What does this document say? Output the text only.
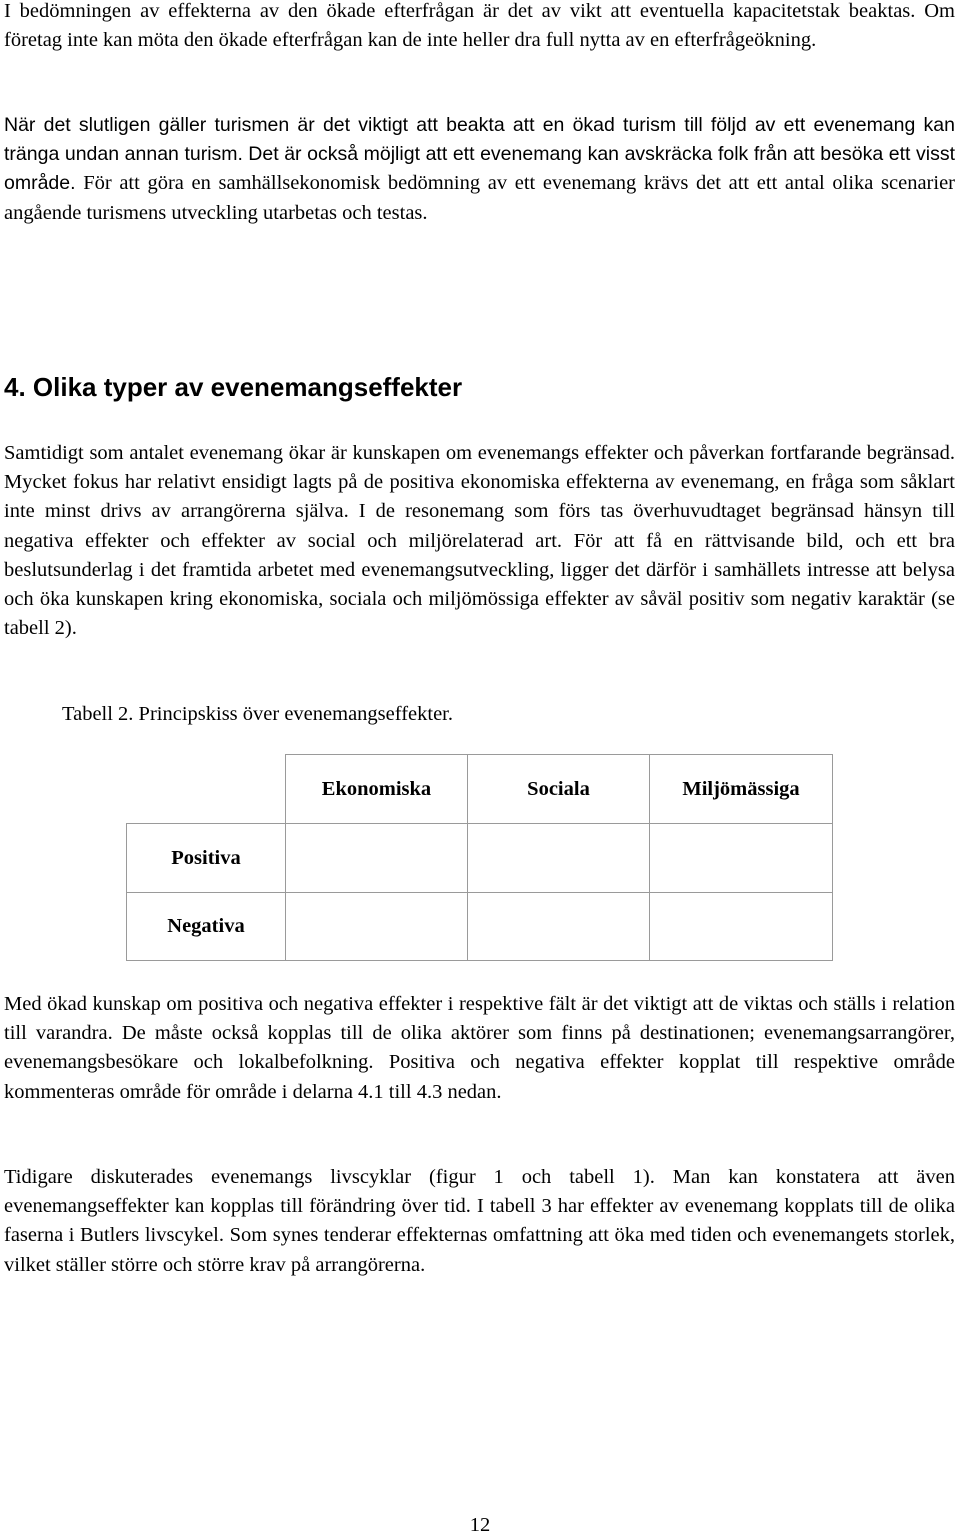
I bedömningen av effekterna av den ökade efterfrågan är det av vikt att eventuella kapacitetstak beaktas. Om företag inte kan möta den ökade efterfrågan kan de inte heller dra full nytta av en efterfrågeökning.

När det slutligen gäller turismen är det viktigt att beakta att en ökad turism till följd av ett evenemang kan tränga undan annan turism. Det är också möjligt att ett evenemang kan avskräcka folk från att besöka ett visst område. För att göra en samhällsekonomisk bedömning av ett evenemang krävs det att ett antal olika scenarier angående turismens utveckling utarbetas och testas.

4. Olika typer av evenemangseffekter

Samtidigt som antalet evenemang ökar är kunskapen om evenemangs effekter och påverkan fortfarande begränsad. Mycket fokus har relativt ensidigt lagts på de positiva ekonomiska effekterna av evenemang, en fråga som såklart inte minst drivs av arrangörerna själva. I de resonemang som förs tas överhuvudtaget begränsad hänsyn till negativa effekter och effekter av social och miljörelaterad art. För att få en rättvisande bild, och ett bra beslutsunderlag i det framtida arbetet med evenemangsutveckling, ligger det därför i samhällets intresse att belysa och öka kunskapen kring ekonomiska, sociala och miljömössiga effekter av såväl positiv som negativ karaktär (se tabell 2).

Tabell 2. Principskiss över evenemangseffekter.

Ekonomiska	Sociala	Miljömässiga
Positiva
Negativa

Med ökad kunskap om positiva och negativa effekter i respektive fält är det viktigt att de viktas och ställs i relation till varandra. De måste också kopplas till de olika aktörer som finns på destinationen; evenemangsarrangörer, evenemangsbesökare och lokalbefolkning. Positiva och negativa effekter kopplat till respektive område kommenteras område för område i delarna 4.1 till 4.3 nedan.

Tidigare diskuterades evenemangs livscyklar (figur 1 och tabell 1). Man kan konstatera att även evenemangseffekter kan kopplas till förändring över tid. I tabell 3 har effekter av evenemang kopplats till de olika faserna i Butlers livscykel. Som synes tenderar effekternas omfattning att öka med tiden och evenemangets storlek, vilket ställer större och större krav på arrangörerna.

12
